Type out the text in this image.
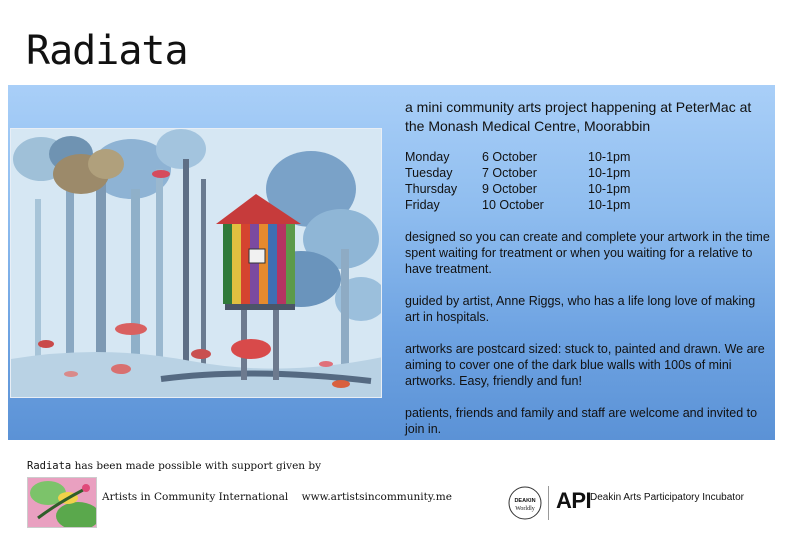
Radiata
a mini community arts project happening at PeterMac at the Monash Medical Centre, Moorabbin
Monday	6 October	10-1pm
Tuesday	7 October	10-1pm
Thursday	9 October	10-1pm
Friday	10 October	10-1pm

designed so you can create and complete your artwork in the time spent waiting for treatment or when you waiting for a relative to have treatment.

guided by artist, Anne Riggs, who has a life long love of making art in hospitals.

artworks are postcard sized: stuck to, painted and drawn. We are aiming to cover one of the dark blue walls with 100s of mini artworks. Easy, friendly and fun!

patients, friends and family and staff are welcome and invited to join in.

Radiata has been made possible with support given by
Artists in Community International www.artistsincommunity.me	DEAKIN
Worldly API
Deakin Arts Participatory Incubator
